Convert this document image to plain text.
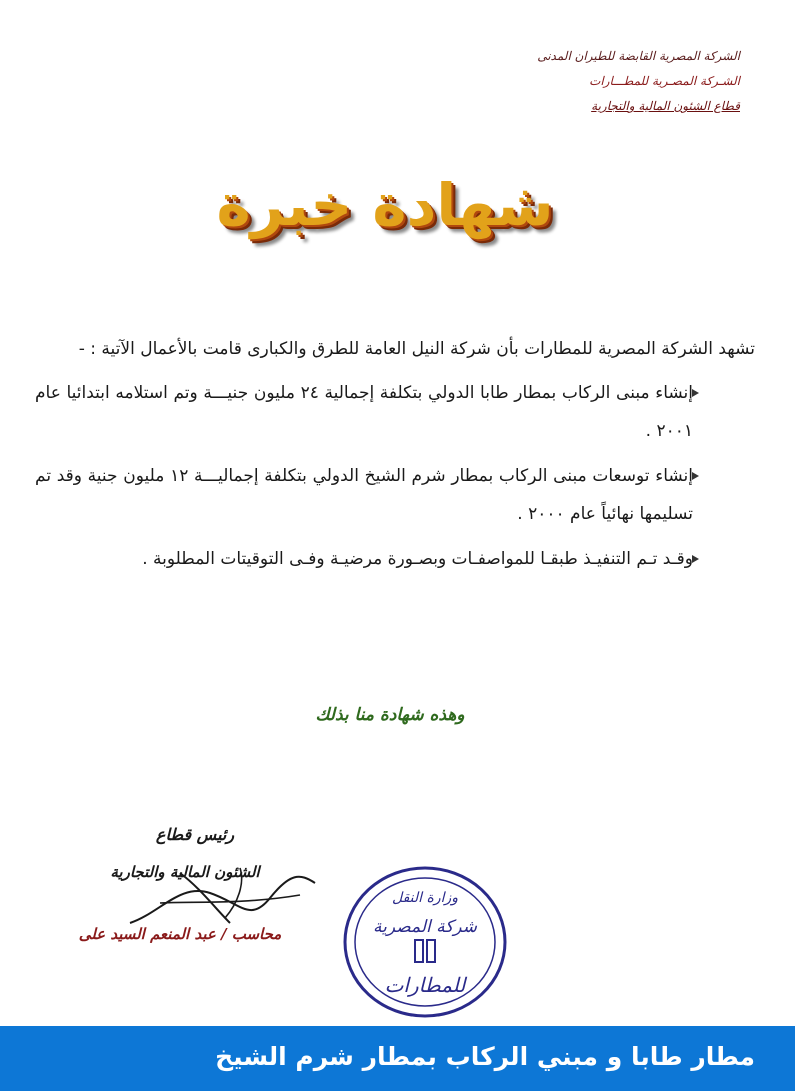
الشركة المصرية القابضة للطيران المدنى
الشـركة المصـرية للمطـــارات
قطاع الشئون المالية والتجارية
شهادة خبرة

تشهد الشركة المصرية للمطارات بأن شركة النيل العامة للطرق والكبارى قامت بالأعمال الآتية : -

إنشاء مبنى الركاب بمطار طابا الدولي بتكلفة إجمالية ٢٤ مليون جنيـــة وتم استلامه ابتدائيا عام ٢٠٠١ .
إنشاء توسعات مبنى الركاب بمطار شرم الشيخ الدولي بتكلفة إجماليـــة ١٢ مليون جنية وقد تم تسليمها نهائياً عام ٢٠٠٠ .
وقـد تـم التنفيـذ طبقـا للمواصفـات وبصـورة مرضيـة وفـى التوقيتات المطلوبة .
وهذه شهادة منا بذلك
رئيس قطاع
الشئون المالية والتجارية
محاسب / عبد المنعم السيد على
وزارة النقل
شركة المصرية
للمطارات
مطار طابا و مبني الركاب بمطار شرم الشيخ
